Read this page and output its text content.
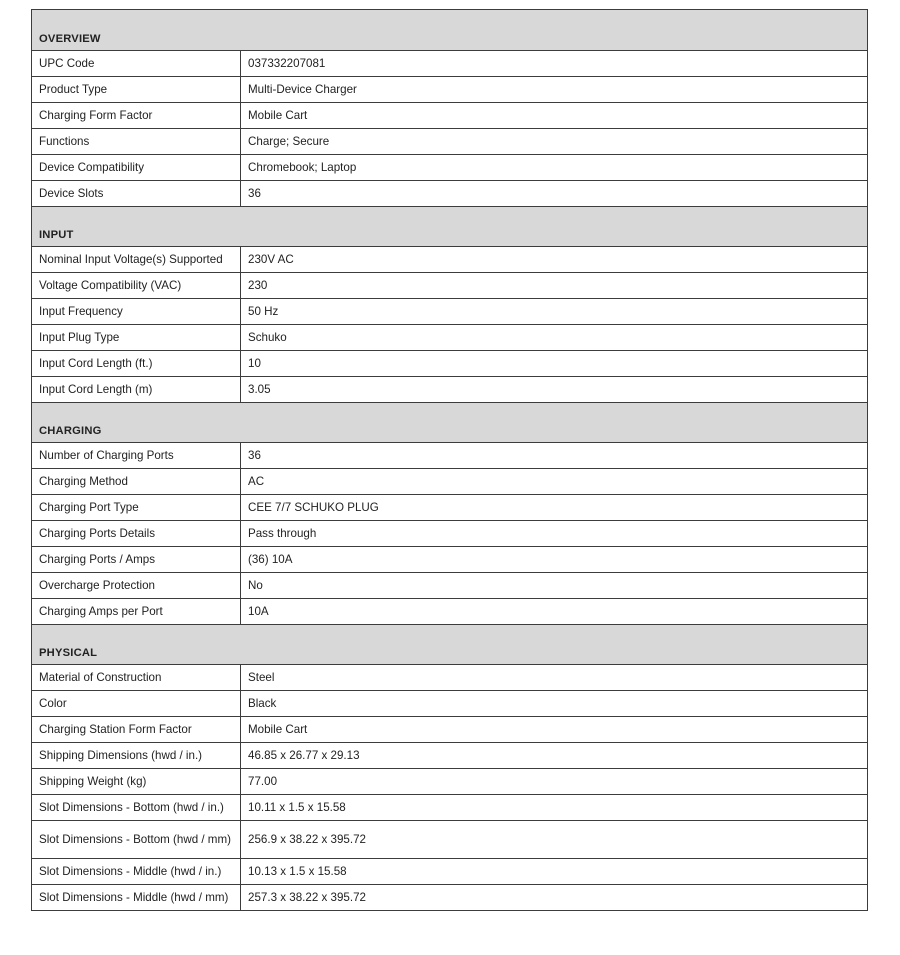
OVERVIEW	
UPC Code	037332207081
Product Type	Multi-Device Charger
Charging Form Factor	Mobile Cart
Functions	Charge; Secure
Device Compatibility	Chromebook; Laptop
Device Slots	36
INPUT	
Nominal Input Voltage(s) Supported	230V AC
Voltage Compatibility (VAC)	230
Input Frequency	50 Hz
Input Plug Type	Schuko
Input Cord Length (ft.)	10
Input Cord Length (m)	3.05
CHARGING	
Number of Charging Ports	36
Charging Method	AC
Charging Port Type	CEE 7/7 SCHUKO PLUG
Charging Ports Details	Pass through
Charging Ports / Amps	(36) 10A
Overcharge Protection	No
Charging Amps per Port	10A
PHYSICAL	
Material of Construction	Steel
Color	Black
Charging Station Form Factor	Mobile Cart
Shipping Dimensions (hwd / in.)	46.85 x 26.77 x 29.13
Shipping Weight (kg)	77.00
Slot Dimensions - Bottom (hwd / in.)	10.11 x 1.5 x 15.58
Slot Dimensions - Bottom (hwd / mm)	256.9 x 38.22 x 395.72
Slot Dimensions - Middle (hwd / in.)	10.13 x 1.5 x 15.58
Slot Dimensions - Middle (hwd / mm)	257.3 x 38.22 x 395.72
